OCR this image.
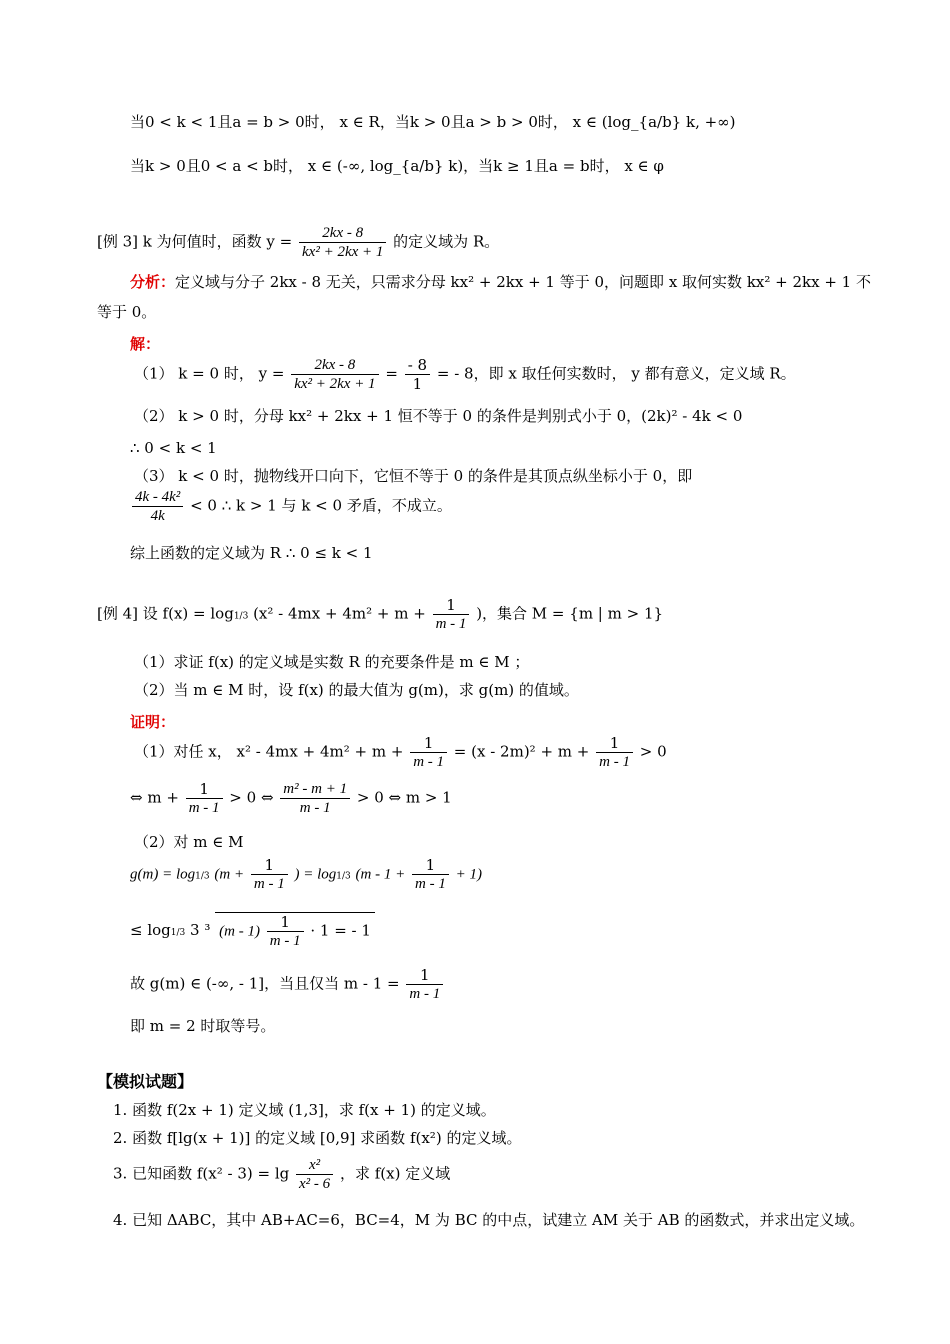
当0 < k < 1且a = b > 0时， x ∈ R，当k > 0且a > b > 0时， x ∈ (log_{a/b} k, +∞)
当k > 0且0 < a < b时， x ∈ (-∞, log_{a/b} k)，当k ≥ 1且a = b时， x ∈ φ
[例 3] k 为何值时，函数 $y = \frac{2kx - 8}{\text{kx² + 2kx + 1}}$ 的定义域为 R。
分析：定义域与分子 2kx - 8 无关，只需求分母 kx² + 2kx + 1 等于 0，问题即 x 取何实数 kx² + 2kx + 1 不
等于 0。
解：
（1） k = 0 时， $y = \frac{2kx - 8}{\text{kx² + 2kx + 1}} = \frac{- 8}{1}$ = - 8，即 x 取任何实数时， y 都有意义，定义域 R。
（2） k > 0 时，分母 kx² + 2kx + 1 恒不等于 0 的条件是判别式小于 0，(2k)² - 4k < 0
∴ 0 < k < 1
（3） k < 0 时，抛物线开口向下，它恒不等于 0 的条件是其顶点纵坐标小于 0，即
$\frac{\text{4k - 4k²}}{4k} < 0$ ∴ k > 1 与 k < 0 矛盾，不成立。
综上函数的定义域为 R ∴ 0 ≤ k < 1
[例 4] 设 f(x) = log1/3 ($x^2 - 4mx + 4m^2 + m + \frac{1}{m - 1}$ )，集合 M = {m | m > 1}
（1）求证 f(x) 的定义域是实数 R 的充要条件是 m ∈ M ；
（2）当 m ∈ M 时，设 f(x) 的最大值为 g(m)，求 g(m) 的值域。
证明：
（1）对任 x， $x^2 - 4mx + 4m^2 + m + \frac{1}{m - 1} = (x - 2m)^2 + m + \frac{1}{m - 1} > 0$
⇔ $m + \frac{1}{m - 1} > 0$ ⇔ $\frac{\text{m² - m + 1}}{m - 1} > 0$ ⇔ m > 1
（2）对 m ∈ M
g(m) = log1/3 ($m + \frac{1}{m - 1}$ ) = log1/3 $(m - 1 + \frac{1}{m - 1} + 1)$
≤ log1/3 3 ³ $(m - 1) \frac{1}{m - 1} \cdot 1$ = - 1
故 g(m) ∈ (-∞, - 1]，当且仅当 $m - 1 = \frac{1}{m - 1}$
即 m = 2 时取等号。
【模拟试题】
1. 函数 f(2x + 1) 定义域 (1,3]，求 f(x + 1) 的定义域。
2. 函数 f[lg(x + 1)] 的定义域 [0,9] 求函数 f(x²) 的定义域。
3. 已知函数 $f(x^2 - 3) = \lg \frac{\text{x²}}{\text{x² - 6}}$ ，求 f(x) 定义域
4. 已知 ΔABC，其中 AB+AC=6，BC=4，M 为 BC 的中点，试建立 AM 关于 AB 的函数式，并求出定义域。
